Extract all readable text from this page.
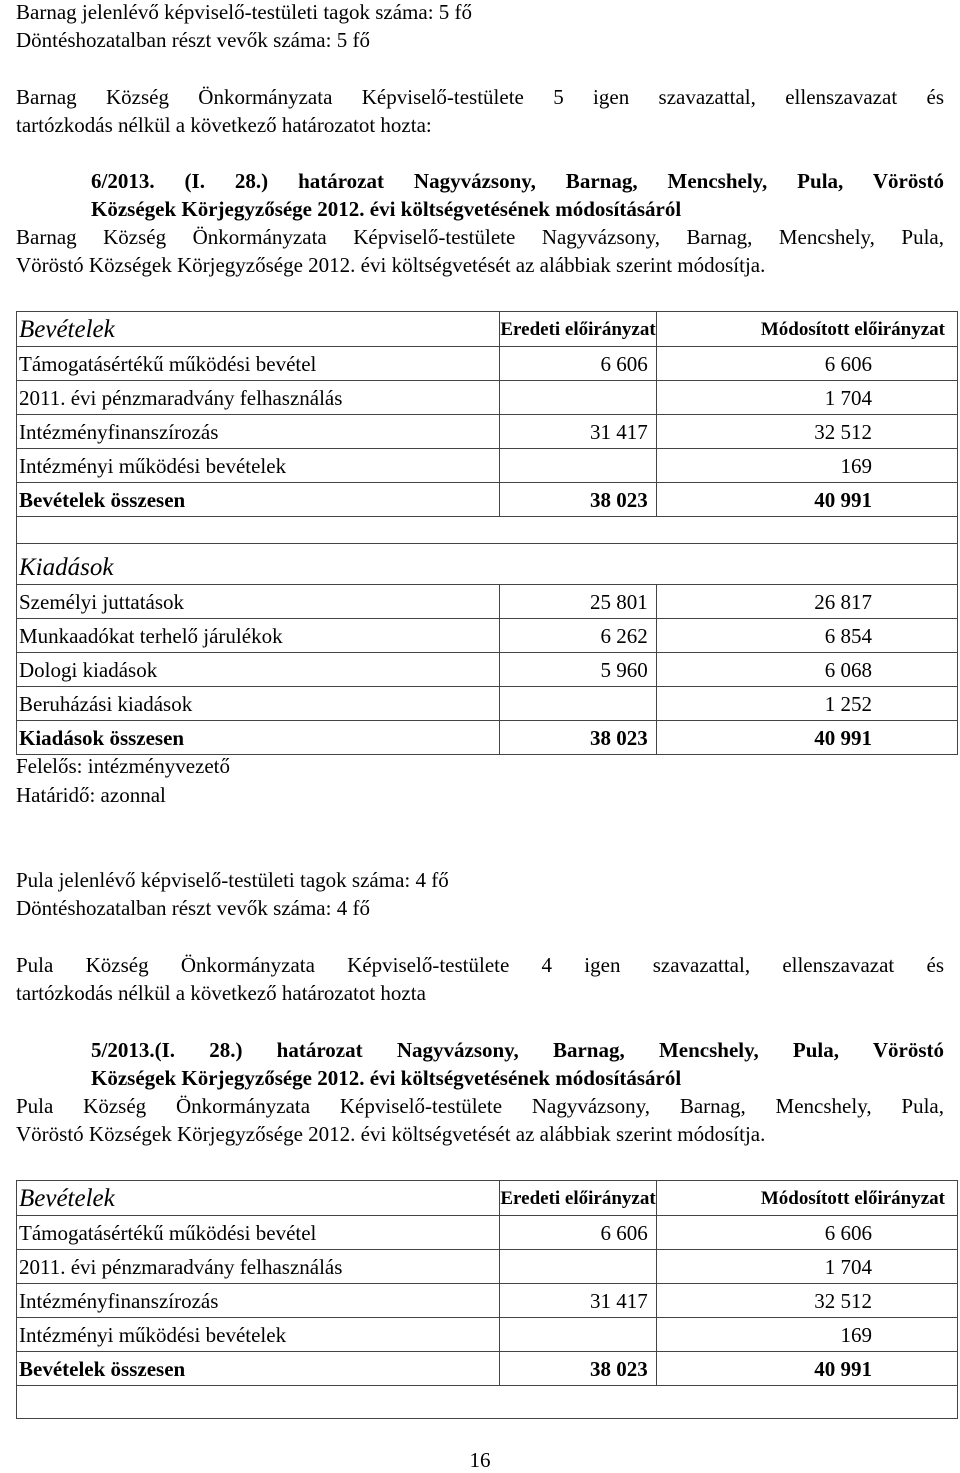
Barnag jelenlévő képviselő-testületi tagok száma: 5 fő
Döntéshozatalban részt vevők száma: 5 fő
Barnag Község Önkormányzata Képviselő-testülete 5 igen szavazattal, ellenszavazat és
tartózkodás nélkül a következő határozatot hozta:
6/2013. (I. 28.) határozat Nagyvázsony, Barnag, Mencshely, Pula, Vöröstó
Községek Körjegyzősége 2012. évi költségvetésének módosításáról
Barnag Község Önkormányzata Képviselő-testülete Nagyvázsony, Barnag, Mencshely, Pula,
Vöröstó Községek Körjegyzősége 2012. évi költségvetését az alábbiak szerint módosítja.
Bevételek	Eredeti előirányzat	Módosított előirányzat
Támogatásértékű működési bevétel	6 606	6 606
2011. évi pénzmaradvány felhasználás		1 704
Intézményfinanszírozás	31 417	32 512
Intézményi működési bevételek		169
Bevételek összesen	38 023	40 991

Kiadások		
Személyi juttatások	25 801	26 817
Munkaadókat terhelő járulékok	6 262	6 854
Dologi kiadások	5 960	6 068
Beruházási kiadások		1 252
Kiadások összesen	38 023	40 991
Felelős: intézményvezető
Határidő: azonnal
Pula jelenlévő képviselő-testületi tagok száma: 4 fő
Döntéshozatalban részt vevők száma: 4 fő
Pula Község Önkormányzata Képviselő-testülete 4 igen szavazattal, ellenszavazat és
tartózkodás nélkül a következő határozatot hozta
5/2013.(I. 28.) határozat Nagyvázsony, Barnag, Mencshely, Pula, Vöröstó
Községek Körjegyzősége 2012. évi költségvetésének módosításáról
Pula Község Önkormányzata Képviselő-testülete Nagyvázsony, Barnag, Mencshely, Pula,
Vöröstó Községek Körjegyzősége 2012. évi költségvetését az alábbiak szerint módosítja.
Bevételek	Eredeti előirányzat	Módosított előirányzat
Támogatásértékű működési bevétel	6 606	6 606
2011. évi pénzmaradvány felhasználás		1 704
Intézményfinanszírozás	31 417	32 512
Intézményi működési bevételek		169
Bevételek összesen	38 023	40 991

16
